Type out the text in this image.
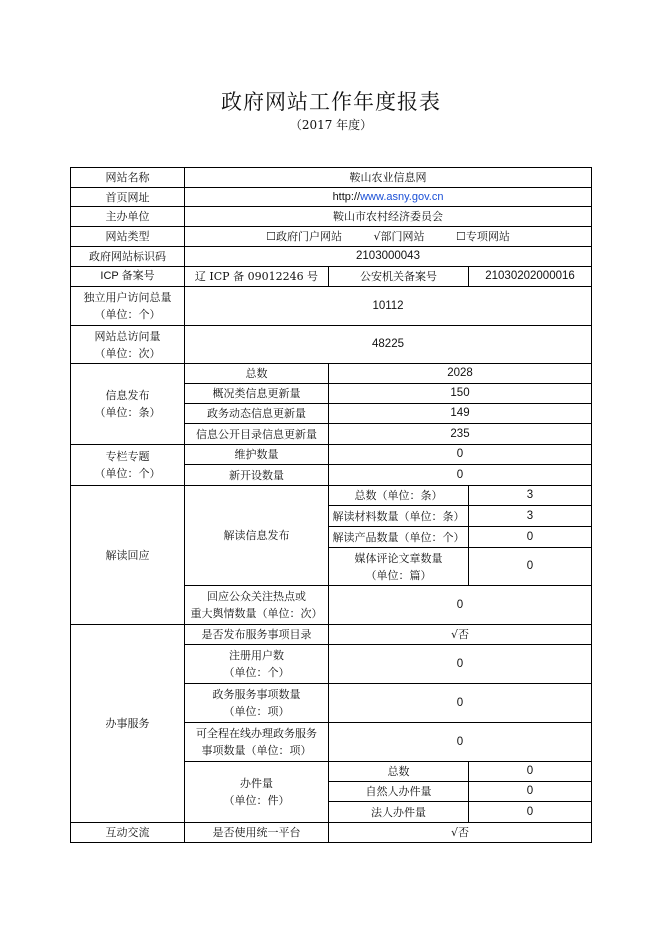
政府网站工作年度报表
（2017 年度）
网站名称	鞍山农业信息网		
首页网址	http://www.asny.gov.cn		
主办单位	鞍山市农村经济委员会		
网站类型	☐政府门户网站 √部门网站 ☐专项网站		
政府网站标识码	2103000043		
ICP 备案号	辽 ICP 备 09012246 号	公安机关备案号	21030202000016

独立用户访问总量
（单位：个）	10112		

网站总访问量
（单位：次）	48225		

信息发布
（单位：条）	总数	2028	
	概况类信息更新量	150	
	政务动态信息更新量	149	
	信息公开目录信息更新量	235	

专栏专题
（单位：个）	维护数量	0	
	新开设数量	0	
解读回应	解读信息发布	总数（单位：条）	3
		解读材料数量（单位：条）	3
		解读产品数量（单位：个）	0

		媒体评论文章数量
（单位：篇）	0

	回应公众关注热点或
重大舆情数量（单位：次）	0	
办事服务	是否发布服务事项目录	√否	

	注册用户数
（单位：个）	0	

	政务服务事项数量
（单位：项）	0	

	可全程在线办理政务服务
事项数量（单位：项）	0	

	办件量
（单位：件）	总数	0
		自然人办件量	0
		法人办件量	0
互动交流	是否使用统一平台	√否	
